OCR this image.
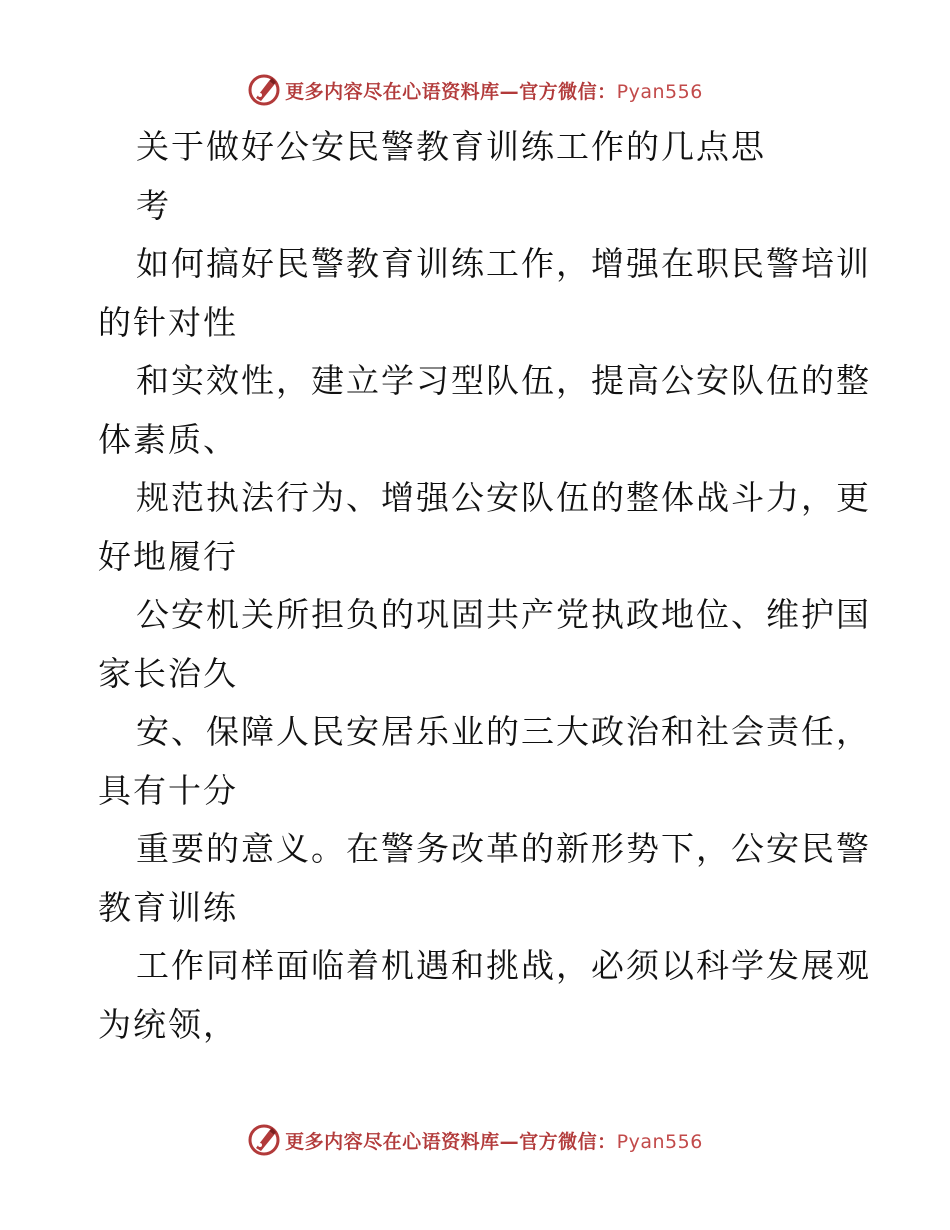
更多内容尽在心语资料库—官方微信：Pyan556
关于做好公安民警教育训练工作的几点思
考
如何搞好民警教育训练工作，增强在职民警培训
的针对性
和实效性，建立学习型队伍，提高公安队伍的整
体素质、
规范执法行为、增强公安队伍的整体战斗力，更
好地履行
公安机关所担负的巩固共产党执政地位、维护国
家长治久
安、保障人民安居乐业的三大政治和社会责任，
具有十分
重要的意义。在警务改革的新形势下，公安民警
教育训练
工作同样面临着机遇和挑战，必须以科学发展观
为统领，
更多内容尽在心语资料库—官方微信：Pyan556
